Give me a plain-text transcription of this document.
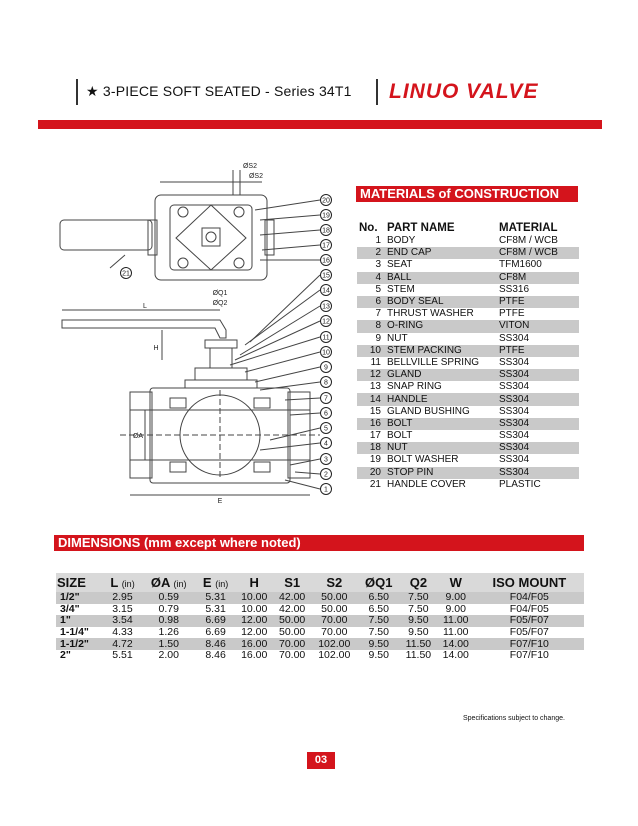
★ 3-PIECE SOFT SEATED - Series 34T1 LINUO VALVE
20
19
18
17
16
15
14
13
12
11
10
9
8
7
6
5
4
3
2
1
21
ØS2
ØS2
ØQ1
ØQ2
L
H
ØA
E
MATERIALS of CONSTRUCTION
No.	PART NAME	MATERIAL
1	BODY	CF8M / WCB
2	END CAP	CF8M / WCB
3	SEAT	TFM1600
4	BALL	CF8M
5	STEM	SS316
6	BODY SEAL	PTFE
7	THRUST WASHER	PTFE
8	O-RING	VITON
9	NUT	SS304
10	STEM PACKING	PTFE
11	BELLVILLE SPRING	SS304
12	GLAND	SS304
13	SNAP RING	SS304
14	HANDLE	SS304
15	GLAND BUSHING	SS304
16	BOLT	SS304
17	BOLT	SS304
18	NUT	SS304
19	BOLT WASHER	SS304
20	STOP PIN	SS304
21	HANDLE COVER	PLASTIC
DIMENSIONS (mm except where noted)
SIZE	L (in)	ØA (in)	E (in)	H	S1	S2	ØQ1	Q2	W	ISO MOUNT
1/2"	2.95	0.59	5.31	10.00	42.00	50.00	6.50	7.50	9.00	F04/F05
3/4"	3.15	0.79	5.31	10.00	42.00	50.00	6.50	7.50	9.00	F04/F05
1"	3.54	0.98	6.69	12.00	50.00	70.00	7.50	9.50	11.00	F05/F07
1-1/4"	4.33	1.26	6.69	12.00	50.00	70.00	7.50	9.50	11.00	F05/F07
1-1/2"	4.72	1.50	8.46	16.00	70.00	102.00	9.50	11.50	14.00	F07/F10
2"	5.51	2.00	8.46	16.00	70.00	102.00	9.50	11.50	14.00	F07/F10
Specifications subject to change.
03
